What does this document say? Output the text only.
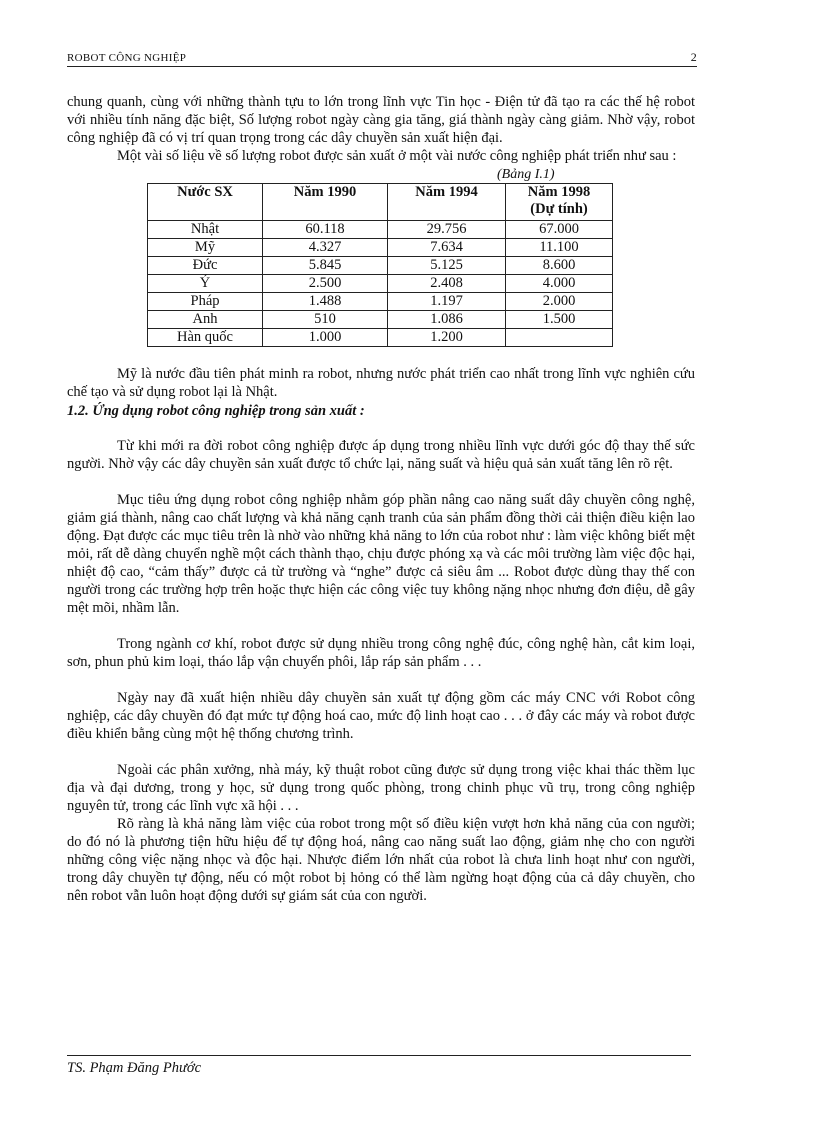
ROBOT CÔNG NGHIỆP	2

chung quanh, cùng với những thành tựu to lớn trong lĩnh vực Tin học - Điện tử đã tạo ra các thế hệ robot với nhiều tính năng đặc biệt, Số lượng robot ngày càng gia tăng, giá thành ngày càng giảm. Nhờ vậy, robot công nghiệp đã có vị trí quan trọng trong các dây chuyền sản xuất hiện đại.

Một vài số liệu về số lượng robot được sản xuất ở một vài nước công nghiệp phát triển như sau :

(Bảng I.1)
Nước SX	Năm 1990	Năm 1994	Năm 1998
(Dự tính)
Nhật	60.118	29.756	67.000
Mỹ	4.327	7.634	11.100
Đức	5.845	5.125	8.600
Ý	2.500	2.408	4.000
Pháp	1.488	1.197	2.000
Anh	510	1.086	1.500
Hàn quốc	1.000	1.200	

Mỹ là nước đầu tiên phát minh ra robot, nhưng nước phát triển cao nhất trong lĩnh vực nghiên cứu chế tạo và sử dụng robot lại là Nhật.

1.2. Ứng dụng robot công nghiệp trong sản xuất :

Từ khi mới ra đời robot công nghiệp được áp dụng trong nhiều lĩnh vực dưới góc độ thay thế sức người. Nhờ vậy các dây chuyền sản xuất được tổ chức lại, năng suất và hiệu quả sản xuất tăng lên rõ rệt.

Mục tiêu ứng dụng robot công nghiệp nhằm góp phần nâng cao năng suất dây chuyền công nghệ, giảm giá thành, nâng cao chất lượng và khả năng cạnh tranh của sản phẩm đồng thời cải thiện điều kiện lao động. Đạt được các mục tiêu trên là nhờ vào những khả năng to lớn của robot như : làm việc không biết mệt mỏi, rất dễ dàng chuyển nghề một cách thành thạo, chịu được phóng xạ và các môi trường làm việc độc hại, nhiệt độ cao, “cảm thấy” được cả từ trường và “nghe” được cả siêu âm ... Robot được dùng thay thế con người trong các trường hợp trên hoặc thực hiện các công việc tuy không nặng nhọc nhưng đơn điệu, dễ gây mệt mõi, nhầm lẫn.

Trong ngành cơ khí, robot được sử dụng nhiều trong công nghệ đúc, công nghệ hàn, cắt kim loại, sơn, phun phủ kim loại, tháo lắp vận chuyển phôi, lắp ráp sản phẩm . . .

Ngày nay đã xuất hiện nhiều dây chuyền sản xuất tự động gồm các máy CNC với Robot công nghiệp, các dây chuyền đó đạt mức tự động hoá cao, mức độ linh hoạt cao . . . ở đây các máy và robot được điều khiển bằng cùng một hệ thống chương trình.

Ngoài các phân xưởng, nhà máy, kỹ thuật robot cũng được sử dụng trong việc khai thác thềm lục địa và đại dương, trong y học, sử dụng trong quốc phòng, trong chinh phục vũ trụ, trong công nghiệp nguyên tử, trong các lĩnh vực xã hội . . .

Rõ ràng là khả năng làm việc của robot trong một số điều kiện vượt hơn khả năng của con người; do đó nó là phương tiện hữu hiệu để tự động hoá, nâng cao năng suất lao động, giảm nhẹ cho con người những công việc nặng nhọc và độc hại. Nhược điểm lớn nhất của robot là chưa linh hoạt như con người, trong dây chuyền tự động, nếu có một robot bị hỏng có thể làm ngừng hoạt động của cả dây chuyền, cho nên robot vẫn luôn hoạt động dưới sự giám sát của con người.

TS. Phạm Đăng Phước
